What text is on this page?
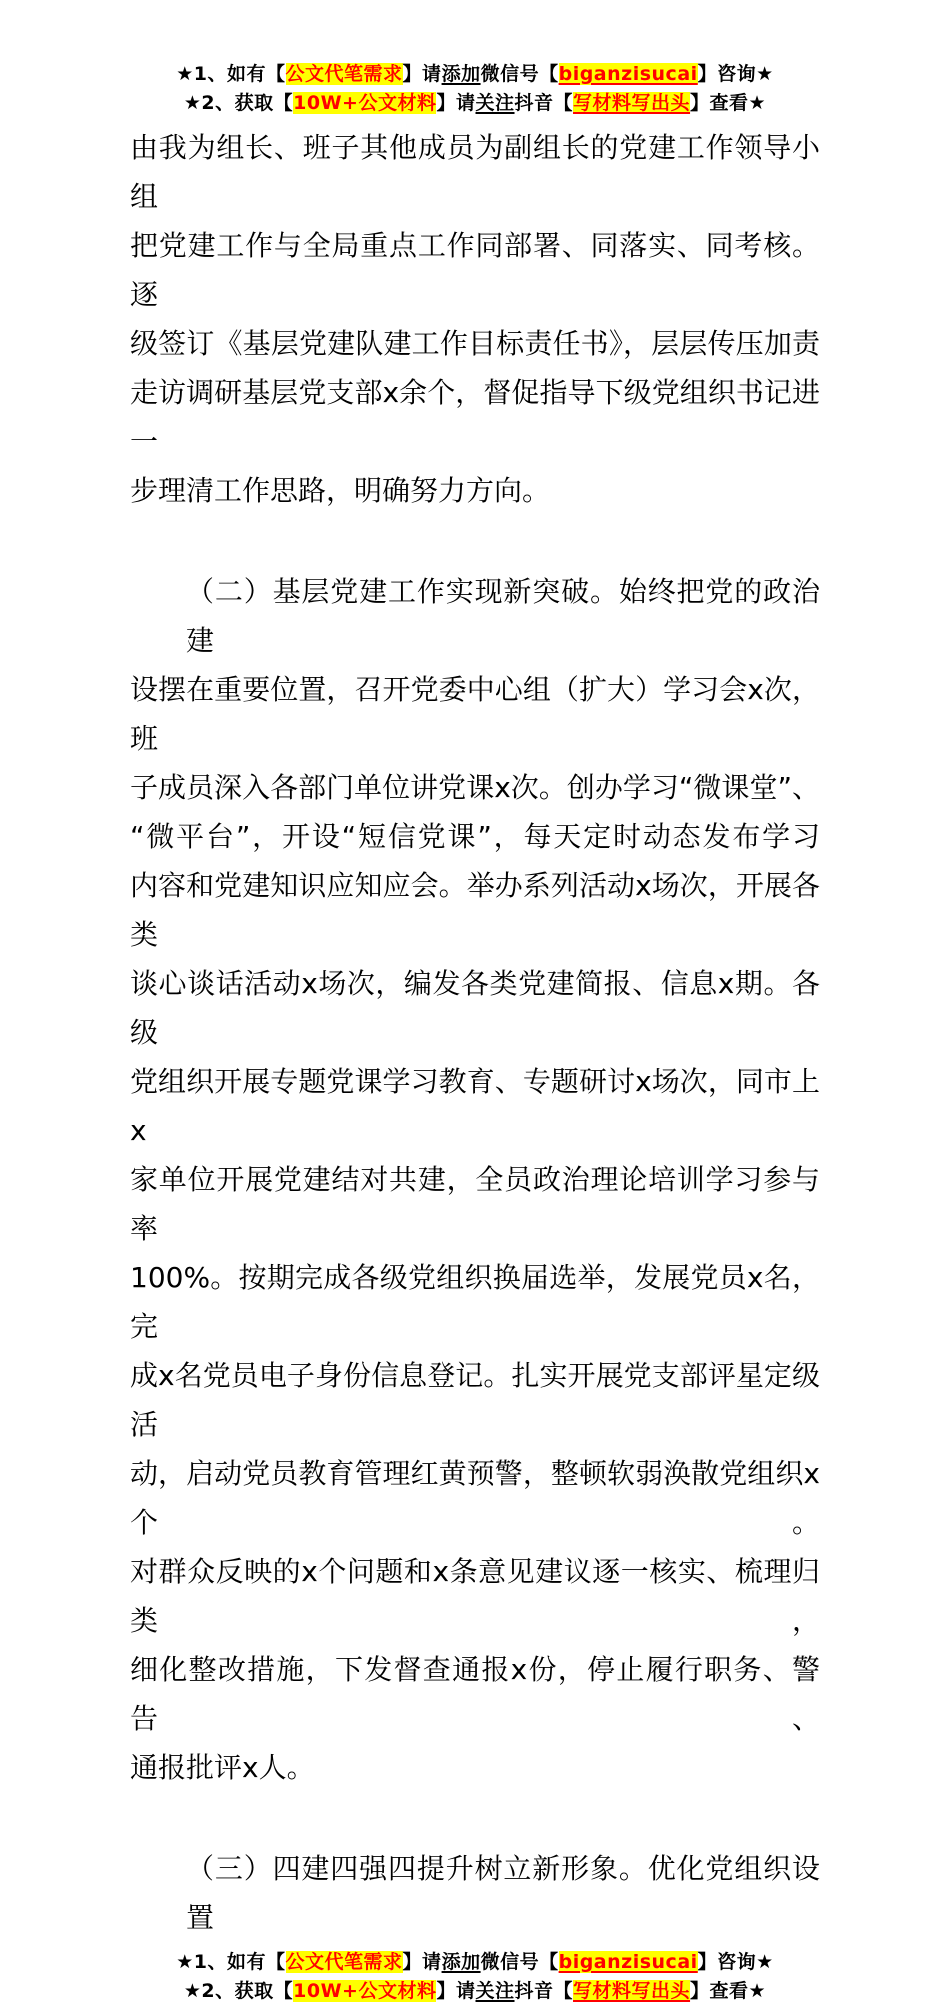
★1、如有【公文代笔需求】请添加微信号【biganzisucai】咨询★
★2、获取【10W+公文材料】请关注抖音【写材料写出头】查看★
由我为组长、班子其他成员为副组长的党建工作领导小组
把党建工作与全局重点工作同部署、同落实、同考核。逐
级签订《基层党建队建工作目标责任书》，层层传压加责
走访调研基层党支部x余个，督促指导下级党组织书记进一
步理清工作思路，明确努力方向。
（二）基层党建工作实现新突破。始终把党的政治建
设摆在重要位置，召开党委中心组（扩大）学习会x次，班
子成员深入各部门单位讲党课x次。创办学习“微课堂”、
“微平台”，开设“短信党课”，每天定时动态发布学习
内容和党建知识应知应会。举办系列活动x场次，开展各类
谈心谈话活动x场次，编发各类党建简报、信息x期。各级
党组织开展专题党课学习教育、专题研讨x场次，同市上x
家单位开展党建结对共建，全员政治理论培训学习参与率
100%。按期完成各级党组织换届选举，发展党员x名，完
成x名党员电子身份信息登记。扎实开展党支部评星定级活
动，启动党员教育管理红黄预警，整顿软弱涣散党组织x个。
对群众反映的x个问题和x条意见建议逐一核实、梳理归类，
细化整改措施，下发督查通报x份，停止履行职务、警告、
通报批评x人。
（三）四建四强四提升树立新形象。优化党组织设置
★1、如有【公文代笔需求】请添加微信号【biganzisucai】咨询★
★2、获取【10W+公文材料】请关注抖音【写材料写出头】查看★
